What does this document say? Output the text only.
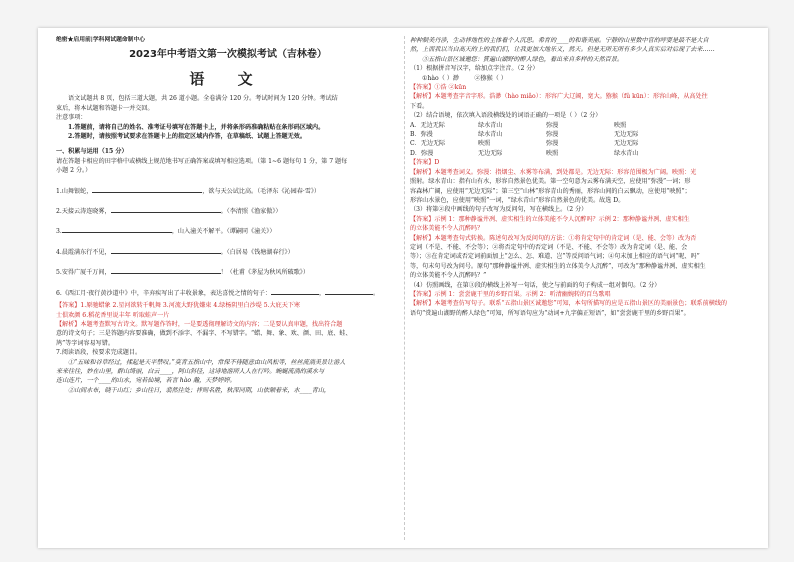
绝密★启用前|学科网试题命制中心

2023年中考语文第一次模拟考试（吉林卷）

语 文

语文试题共 8 页，包括三道大题，共 26 道小题。全卷满分 120 分。考试时间为 120 分钟。考试结

束后，将本试题和答题卡一并交回。

注意事项：

1.答题前，请将自己的姓名、准考证号填写在答题卡上，并将条形码准确粘贴在条形码区域内。

2.答题时，请按照考试要求在答题卡上的指定区域内作答，在草稿纸、试题上答题无效。

一、积累与运用（15 分）

请在答题卡相应的田字格中或横线上规范地书写正确答案或填写相应选项。（第 1~6 题每句 1 分，第 7 题每

小题 2 分。）

1.山舞银蛇，	，欲与天公试比高。（毛泽东《沁园春·雪》）

2.天接云涛连晓雾，	。（李清照《渔家傲》）

3.	，山入潼关不解平。（谭嗣同《潼关》）

4.晨霞满东行不见，	。（白居易《钱塘湖春行》）

5.安得广厦千万间，	！（杜甫《茅屋为秋风所破歌》）

6.《西江月·夜行黄沙道中》中，辛弃疾写出了丰收景象，表达喜悦之情的句子：	，	。

【答案】1.原驰蜡象 2.星河欲转千帆舞 3.河流大野犹嫌束 4.绿杨阴里白沙堤 5.大庇天下寒

士俱欢颜 6.稻花香里说丰年 听取蛙声一片

【解析】本题考查默写古诗文。默写题作答时，一是要透彻理解诗文的内容；二是要认真审题，找出符合题

意的诗文句子；三是答题内容要准确，做到不添字、不漏字、不写错字。“蜡、舞、象、欢、颜、田、底、蛙、

鸠”等字词容易写错。

7.阅读语段，按要求完成题目。

①“五味和谷草经过，揉起是天平禁叹。”莫青五指山中，常保不待随意由山风松等，丝丝流淌美景让游人

来来往往，妙在山里，群山绮丽，白云____，阿山斜径，这诗地游所人人在行吟。蜿蜒流淌的溪水与

连山连片，一个____的山水，宛若仙境，若言 hào 瀚，天梦婷婷。

②山间水布，晓千山红；乡山往日，翡然往处；祥则名胜，秋深同期，山依顺着来，水____青山，

种种制美丹涉，生动祥地性的主体看个人沉思。希育的____的和谐美丽。宁静的山里数中官的呼要是最不是大自

然，上而我以当白高天的上的我们们，让我更加大地乐义，然天。但是无所无所有多少人真实后对后现了去来……

③五指山景区诚邀您：賞遍山湖野的醉人绿色，看出来自多样的天然百景。

（1）根据拼音写汉字，给加点字注音。（2 分）

①hào（ ）渺	②猕猴（ ）

【答案】①浩 ②kūn

【解析】本题考查字音字形。浩渺（hào miǎo）：形容广大辽阔，宽大。猕猴（fǔ kūn）：形容山峰，从高处往

下看。

（2）结合语境，依次填入语段横线处的词语正确的一项是（ ）（2 分）

A．无边无际	绿水青山	弥漫	映照
B．弥漫	绿水青山	弥漫	无边无际
C．无边无际	映照	弥漫	无边无际
D．弥漫	无边无际	映照	绿水青山

【答案】D

【解析】本题考查词义。弥漫：指烟尘、水雾等布满，到处都是。无边无际：形容范围极为广阔。映照：光

照射。绿水青山：指有山有水，形容自然景色优美。第一空句意为云雾布满天空，应使用“弥漫”一词；形

容森林广阔，应使用“无边无际”；第三空“山林”形容青山的秀丽，形容山间的白云飘动，应使用“映照”；

形容山水景色，应使用“映照”一词，“绿水青山”形容自然景色的优美。故选 D。

（3）将第②段中画线的句子改写为反问句，写在横线上。（2 分）

【答案】示例 1：那种静谧井冽、虚实相生的立体美能不令人沉醉吗？示例 2：那种静谧井冽、虚实相生

的立体美能不令人沉醉吗？

【解析】本题考查句式转换。陈述句改写为反问句的方法：①将肯定句中的肯定词（是、能、会等）改为否

定词（不是、不能、不会等）；②将否定句中的否定词（不是、不能、不会等）改为肯定词（是、能、会

等）；③在肯定词或否定词前面加上“怎么、怎、难道、岂”等反问语气词；④句末加上相应的语气词“呢、吗”

等，句末句号改为问号。原句“那种静谧井冽、虚实相生的立体美令人沉醉”，可改为“那种静谧井冽、虚实相生

的立体美能不令人沉醉吗？”

（4）仿照画线，在第③段的横线上补写一句话，使之与前面的句子构成一组对偶句。（2 分）

【答案】示例 1：尝尝鹿干里的乡野百果。示例 2：听清幽婉转的百鸟歌唱

【解析】本题考查仿写句子。联系“五指山景区诚邀您”可知，本句所描写的应是五指山景区的美丽景色；联系前横线的

语句“赏遍山湖野的醉人绿色”可知，所写语句应为“动词+九字偏正短语”，如“尝尝鹿干里的乡野百果”。
